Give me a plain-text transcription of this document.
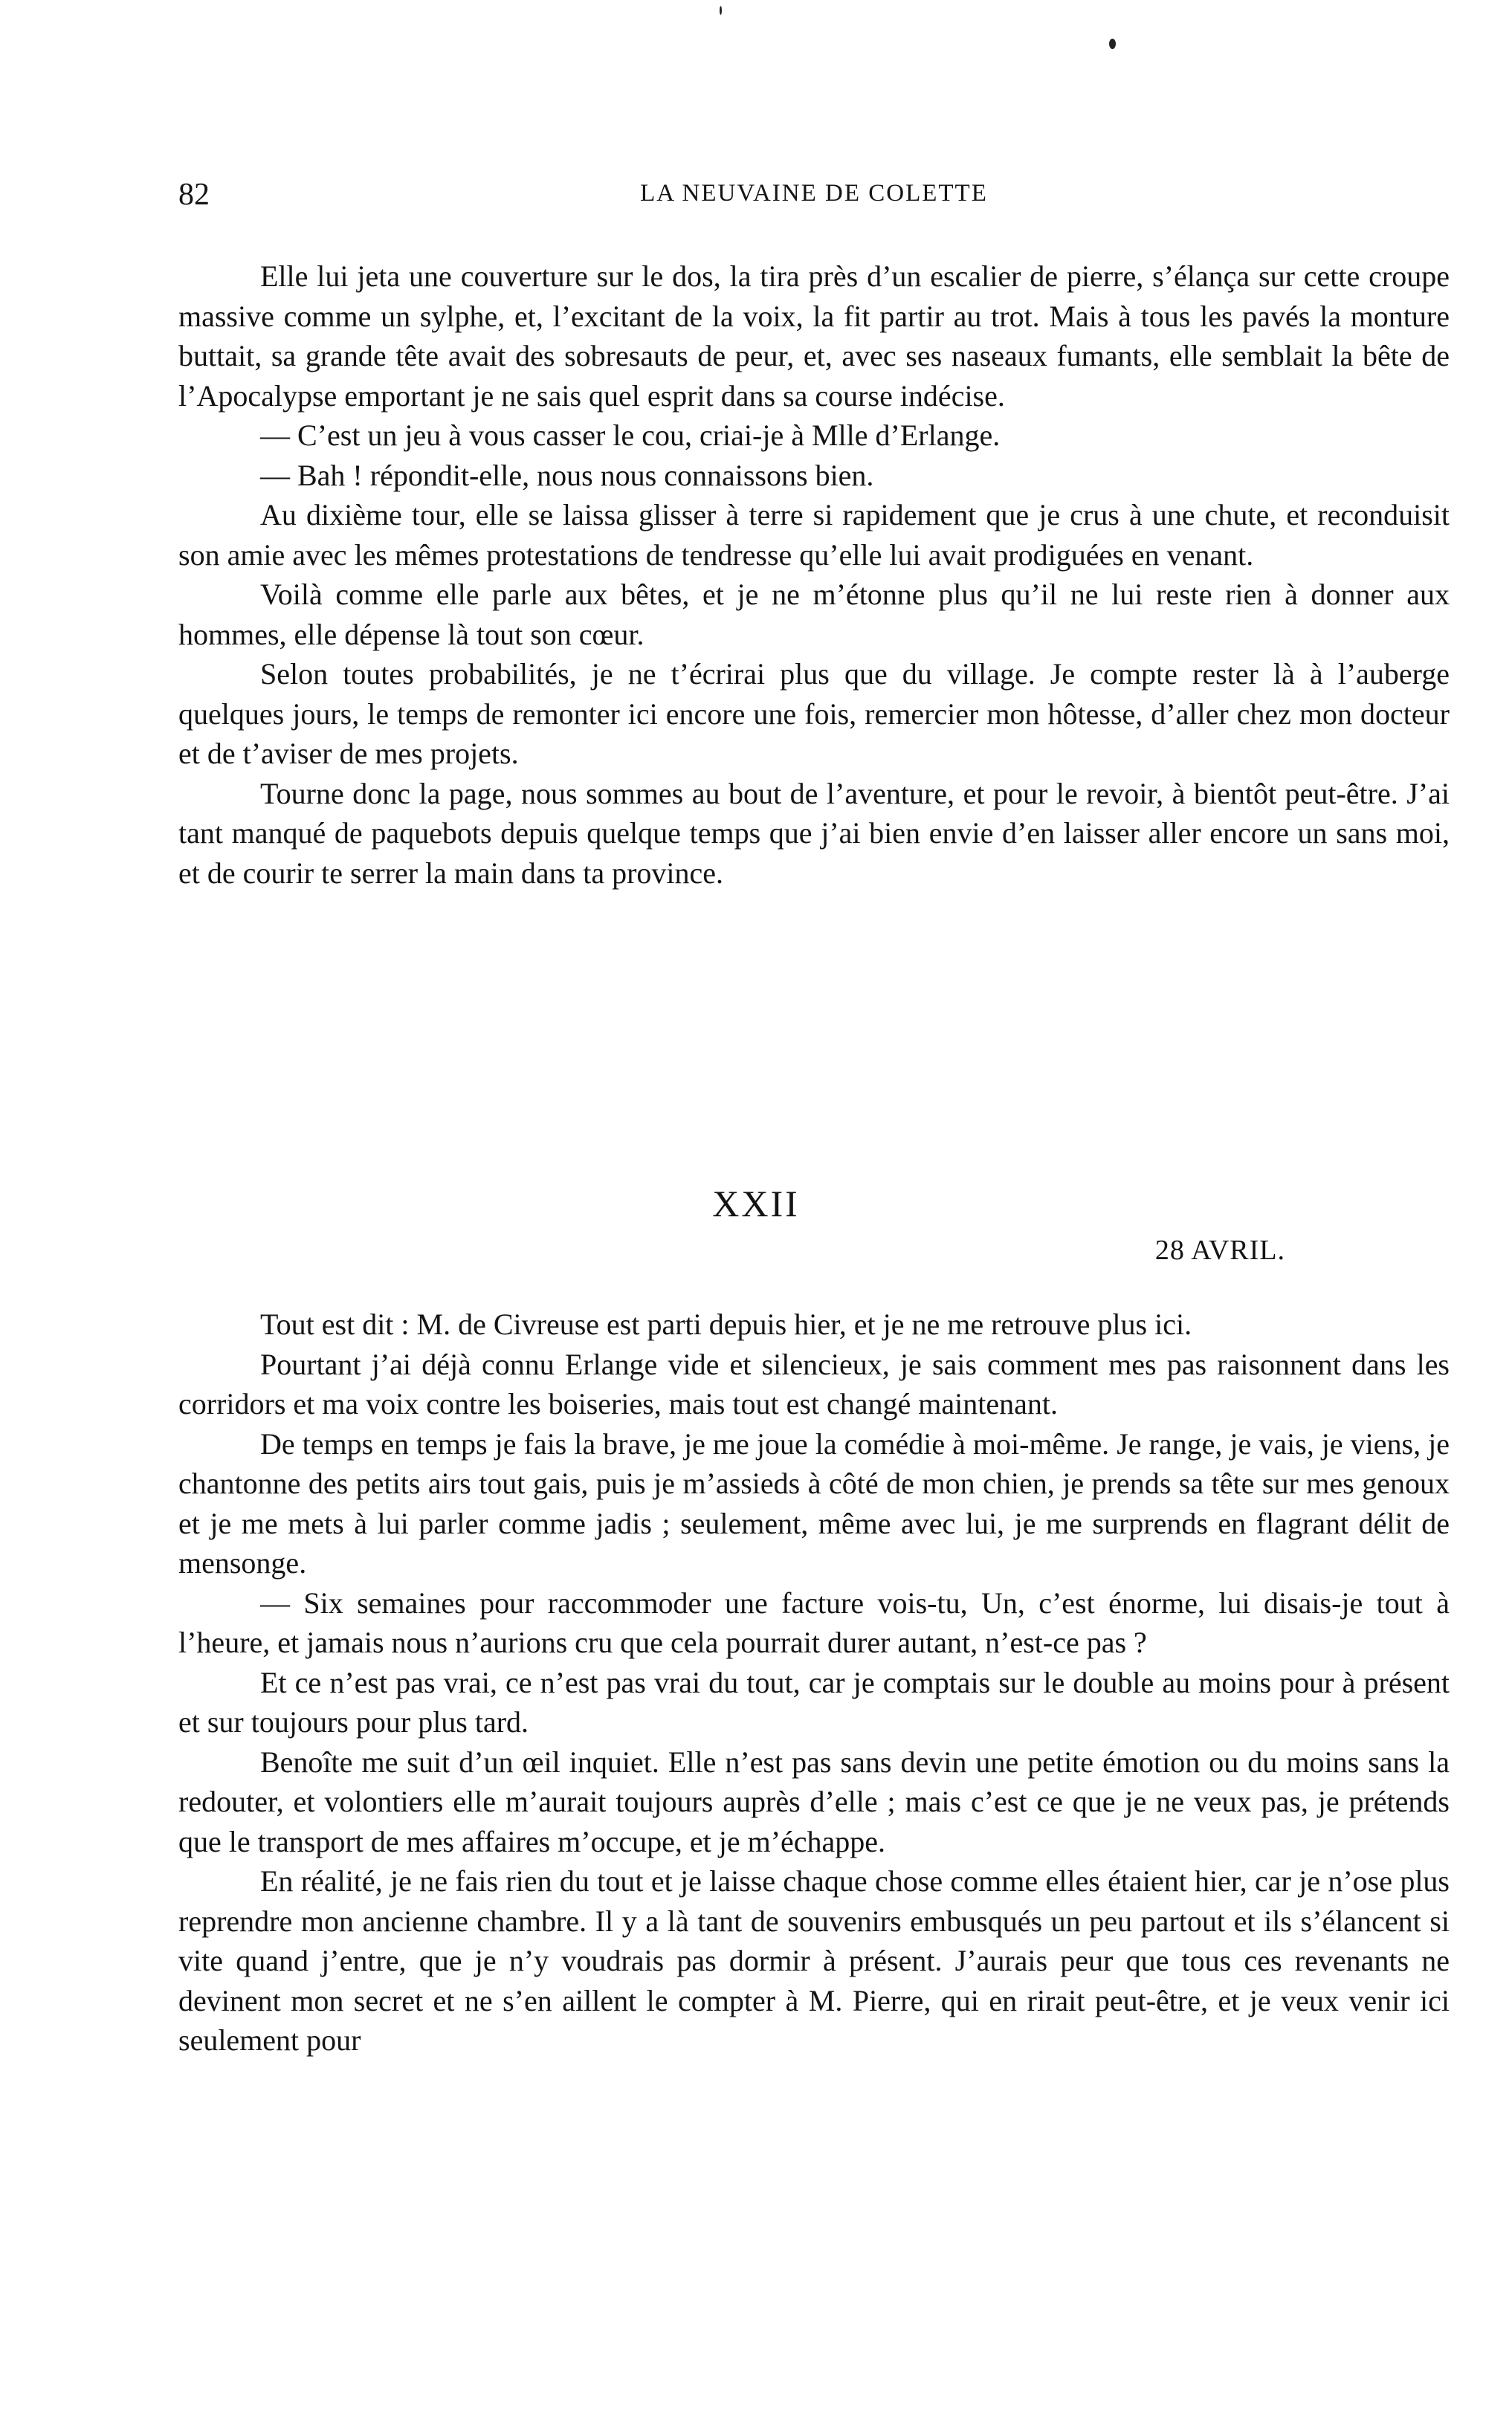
82	LA NEUVAINE DE COLETTE

Elle lui jeta une couverture sur le dos, la tira près d’un escalier de pierre, s’élança sur cette croupe massive comme un sylphe, et, l’excitant de la voix, la fit partir au trot. Mais à tous les pavés la monture buttait, sa grande tête avait des sobresauts de peur, et, avec ses naseaux fumants, elle semblait la bête de l’Apocalypse emportant je ne sais quel esprit dans sa course indécise.

— C’est un jeu à vous casser le cou, criai-je à Mlle d’Erlange.

— Bah ! répondit-elle, nous nous connaissons bien.

Au dixième tour, elle se laissa glisser à terre si rapidement que je crus à une chute, et reconduisit son amie avec les mêmes protestations de tendresse qu’elle lui avait prodiguées en venant.

Voilà comme elle parle aux bêtes, et je ne m’étonne plus qu’il ne lui reste rien à donner aux hommes, elle dépense là tout son cœur.

Selon toutes probabilités, je ne t’écrirai plus que du village. Je compte rester là à l’auberge quelques jours, le temps de remonter ici encore une fois, remercier mon hôtesse, d’aller chez mon docteur et de t’aviser de mes projets.

Tourne donc la page, nous sommes au bout de l’aventure, et pour le revoir, à bientôt peut-être. J’ai tant manqué de paquebots depuis quelque temps que j’ai bien envie d’en laisser aller encore un sans moi, et de courir te serrer la main dans ta province.

XXII
28 AVRIL.

Tout est dit : M. de Civreuse est parti depuis hier, et je ne me retrouve plus ici.

Pourtant j’ai déjà connu Erlange vide et silencieux, je sais comment mes pas raisonnent dans les corridors et ma voix contre les boiseries, mais tout est changé maintenant.

De temps en temps je fais la brave, je me joue la comédie à moi-même. Je range, je vais, je viens, je chantonne des petits airs tout gais, puis je m’assieds à côté de mon chien, je prends sa tête sur mes genoux et je me mets à lui parler comme jadis ; seulement, même avec lui, je me surprends en flagrant délit de mensonge.

— Six semaines pour raccommoder une facture vois-tu, Un, c’est énorme, lui disais-je tout à l’heure, et jamais nous n’aurions cru que cela pourrait durer autant, n’est-ce pas ?

Et ce n’est pas vrai, ce n’est pas vrai du tout, car je comptais sur le double au moins pour à présent et sur toujours pour plus tard.

Benoîte me suit d’un œil inquiet. Elle n’est pas sans devin une petite émotion ou du moins sans la redouter, et volontiers elle m’aurait toujours auprès d’elle ; mais c’est ce que je ne veux pas, je prétends que le transport de mes affaires m’occupe, et je m’échappe.

En réalité, je ne fais rien du tout et je laisse chaque chose comme elles étaient hier, car je n’ose plus reprendre mon ancienne chambre. Il y a là tant de souvenirs embusqués un peu partout et ils s’élancent si vite quand j’entre, que je n’y voudrais pas dormir à présent. J’aurais peur que tous ces revenants ne devinent mon secret et ne s’en aillent le compter à M. Pierre, qui en rirait peut-être, et je veux venir ici seulement pour
